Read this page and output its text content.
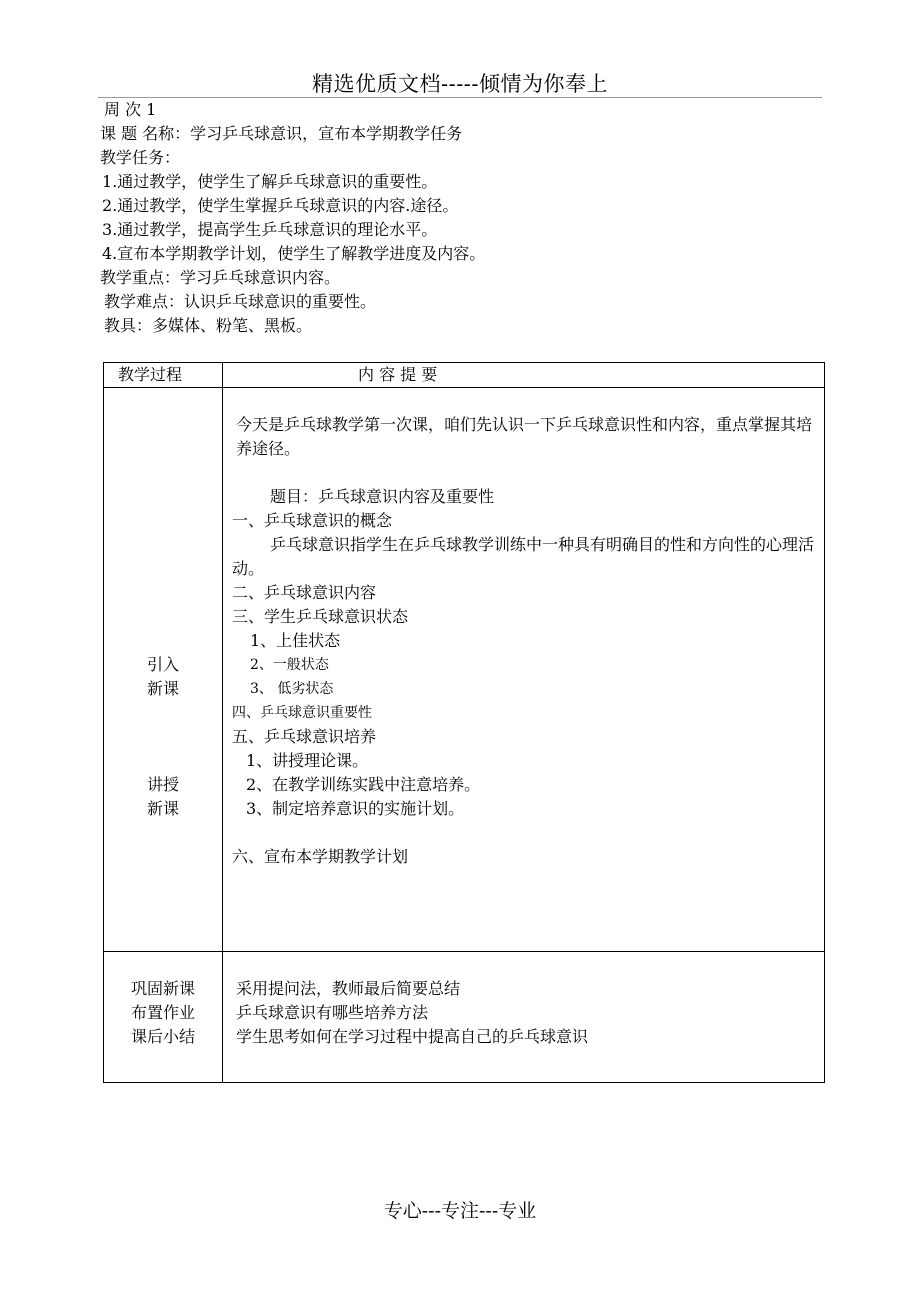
精选优质文档-----倾情为你奉上
周 次 1
课 题 名称：学习乒乓球意识，宣布本学期教学任务
教学任务：
1.通过教学，使学生了解乒乓球意识的重要性。
2.通过教学，使学生掌握乒乓球意识的内容.途径。
3.通过教学，提高学生乒乓球意识的理论水平。
4.宣布本学期教学计划，使学生了解教学进度及内容。
教学重点：学习乒乓球意识内容。
教学难点：认识乒乓球意识的重要性。
教具：多媒体、粉笔、黑板。
教学过程	内 容 提 要
引入
新课
讲授
新课
今天是乒乓球教学第一次课，咱们先认识一下乒乓球意识性和内容，重点掌握其培养途径。
题目：乒乓球意识内容及重要性
一、乒乓球意识的概念
乒乓球意识指学生在乒乓球教学训练中一种具有明确目的性和方向性的心理活动。
二、乒乓球意识内容
三、学生乒乓球意识状态
1、上佳状态
2、一般状态
3、 低劣状态
四、乒乓球意识重要性
五、乒乓球意识培养
1、讲授理论课。
2、在教学训练实践中注意培养。
3、制定培养意识的实施计划。
六、宣布本学期教学计划
巩固新课
布置作业
课后小结
采用提问法，教师最后简要总结
乒乓球意识有哪些培养方法
学生思考如何在学习过程中提高自己的乒乓球意识
专心---专注---专业
